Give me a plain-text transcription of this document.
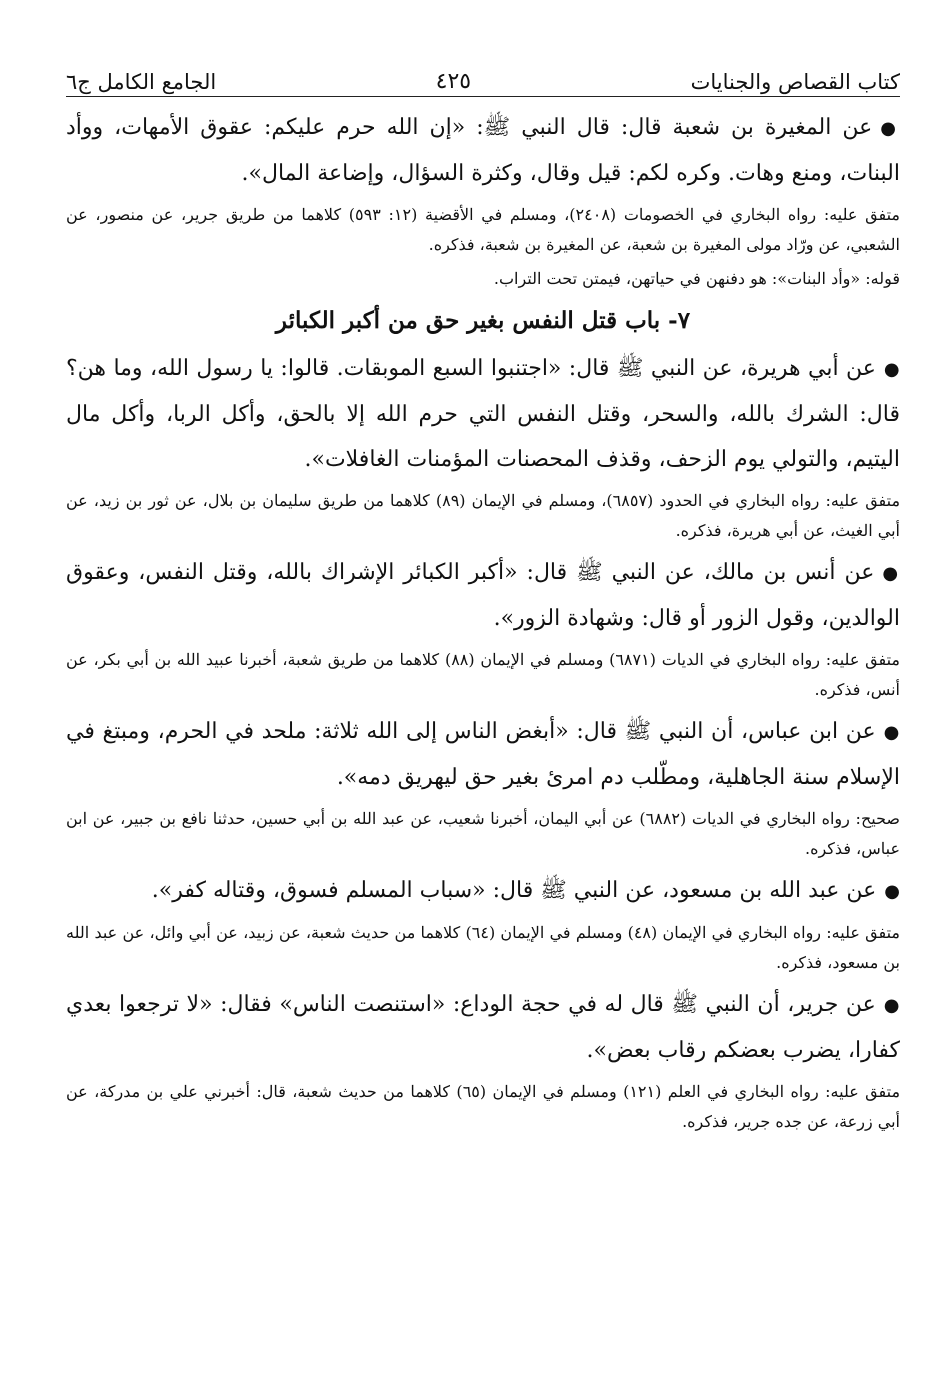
كتاب القصاص والجنايات
٤٢٥
الجامع الكامل ج٦

●عن المغيرة بن شعبة قال: قال النبي ﷺ: «إن الله حرم عليكم: عقوق الأمهات، ووأد البنات، ومنع وهات. وكره لكم: قيل وقال، وكثرة السؤال، وإضاعة المال».

متفق عليه: رواه البخاري في الخصومات (٢٤٠٨)، ومسلم في الأقضية (١٢: ٥٩٣) كلاهما من طريق جرير، عن منصور، عن الشعبي، عن ورّاد مولى المغيرة بن شعبة، عن المغيرة بن شعبة، فذكره.

قوله: «وأد البنات»: هو دفنهن في حياتهن، فيمتن تحت التراب.

٧- باب قتل النفس بغير حق من أكبر الكبائر

●عن أبي هريرة، عن النبي ﷺ قال: «اجتنبوا السبع الموبقات. قالوا: يا رسول الله، وما هن؟ قال: الشرك بالله، والسحر، وقتل النفس التي حرم الله إلا بالحق، وأكل الربا، وأكل مال اليتيم، والتولي يوم الزحف، وقذف المحصنات المؤمنات الغافلات».

متفق عليه: رواه البخاري في الحدود (٦٨٥٧)، ومسلم في الإيمان (٨٩) كلاهما من طريق سليمان بن بلال، عن ثور بن زيد، عن أبي الغيث، عن أبي هريرة، فذكره.

●عن أنس بن مالك، عن النبي ﷺ قال: «أكبر الكبائر الإشراك بالله، وقتل النفس، وعقوق الوالدين، وقول الزور أو قال: وشهادة الزور».

متفق عليه: رواه البخاري في الديات (٦٨٧١) ومسلم في الإيمان (٨٨) كلاهما من طريق شعبة، أخبرنا عبيد الله بن أبي بكر، عن أنس، فذكره.

●عن ابن عباس، أن النبي ﷺ قال: «أبغض الناس إلى الله ثلاثة: ملحد في الحرم، ومبتغ في الإسلام سنة الجاهلية، ومطّلب دم امرئ بغير حق ليهريق دمه».

صحيح: رواه البخاري في الديات (٦٨٨٢) عن أبي اليمان، أخبرنا شعيب، عن عبد الله بن أبي حسين، حدثنا نافع بن جبير، عن ابن عباس، فذكره.

●عن عبد الله بن مسعود، عن النبي ﷺ قال: «سباب المسلم فسوق، وقتاله كفر».

متفق عليه: رواه البخاري في الإيمان (٤٨) ومسلم في الإيمان (٦٤) كلاهما من حديث شعبة، عن زبيد، عن أبي وائل، عن عبد الله بن مسعود، فذكره.

●عن جرير، أن النبي ﷺ قال له في حجة الوداع: «استنصت الناس» فقال: «لا ترجعوا بعدي كفارا، يضرب بعضكم رقاب بعض».

متفق عليه: رواه البخاري في العلم (١٢١) ومسلم في الإيمان (٦٥) كلاهما من حديث شعبة، قال: أخبرني علي بن مدركة، عن أبي زرعة، عن جده جرير، فذكره.
